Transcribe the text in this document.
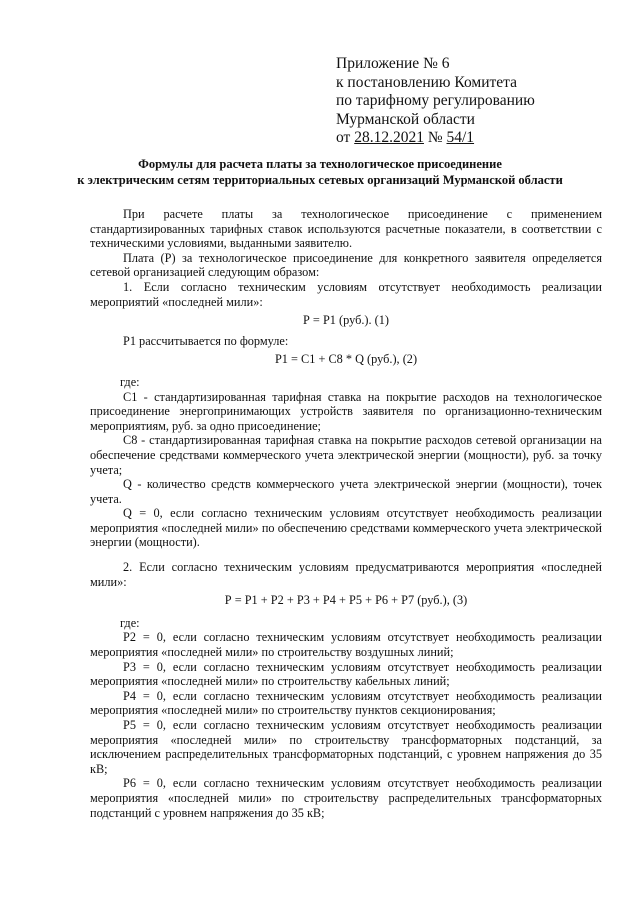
Приложение № 6
к постановлению Комитета
по тарифному регулированию
Мурманской области
от 28.12.2021 № 54/1
Формулы для расчета платы за технологическое присоединение
к электрическим сетям территориальных сетевых организаций Мурманской области

При расчете платы за технологическое присоединение с применением стандартизированных тарифных ставок используются расчетные показатели, в соответствии с техническими условиями, выданными заявителю.

Плата (Р) за технологическое присоединение для конкретного заявителя определяется сетевой организацией следующим образом:

1. Если согласно техническим условиям отсутствует необходимость реализации мероприятий «последней мили»:

Р = Р1 (руб.). (1)

Р1 рассчитывается по формуле:

Р1 = С1 + С8 * Q (руб.), (2)

где:

С1 - стандартизированная тарифная ставка на покрытие расходов на технологическое присоединение энергопринимающих устройств заявителя по организационно-техническим мероприятиям, руб. за одно присоединение;

С8 - стандартизированная тарифная ставка на покрытие расходов сетевой организации на обеспечение средствами коммерческого учета электрической энергии (мощности), руб. за точку учета;

Q - количество средств коммерческого учета электрической энергии (мощности), точек учета.

Q = 0, если согласно техническим условиям отсутствует необходимость реализации мероприятия «последней мили» по обеспечению средствами коммерческого учета электрической энергии (мощности).

2. Если согласно техническим условиям предусматриваются мероприятия «последней мили»:

Р = Р1 + Р2 + Р3 + Р4 + Р5 + Р6 + Р7 (руб.), (3)

где:

Р2 = 0, если согласно техническим условиям отсутствует необходимость реализации мероприятия «последней мили» по строительству воздушных линий;

Р3 = 0, если согласно техническим условиям отсутствует необходимость реализации мероприятия «последней мили» по строительству кабельных линий;

Р4 = 0, если согласно техническим условиям отсутствует необходимость реализации мероприятия «последней мили» по строительству пунктов секционирования;

Р5 = 0, если согласно техническим условиям отсутствует необходимость реализации мероприятия «последней мили» по строительству трансформаторных подстанций, за исключением распределительных трансформаторных подстанций, с уровнем напряжения до 35 кВ;

Р6 = 0, если согласно техническим условиям отсутствует необходимость реализации мероприятия «последней мили» по строительству распределительных трансформаторных подстанций с уровнем напряжения до 35 кВ;
